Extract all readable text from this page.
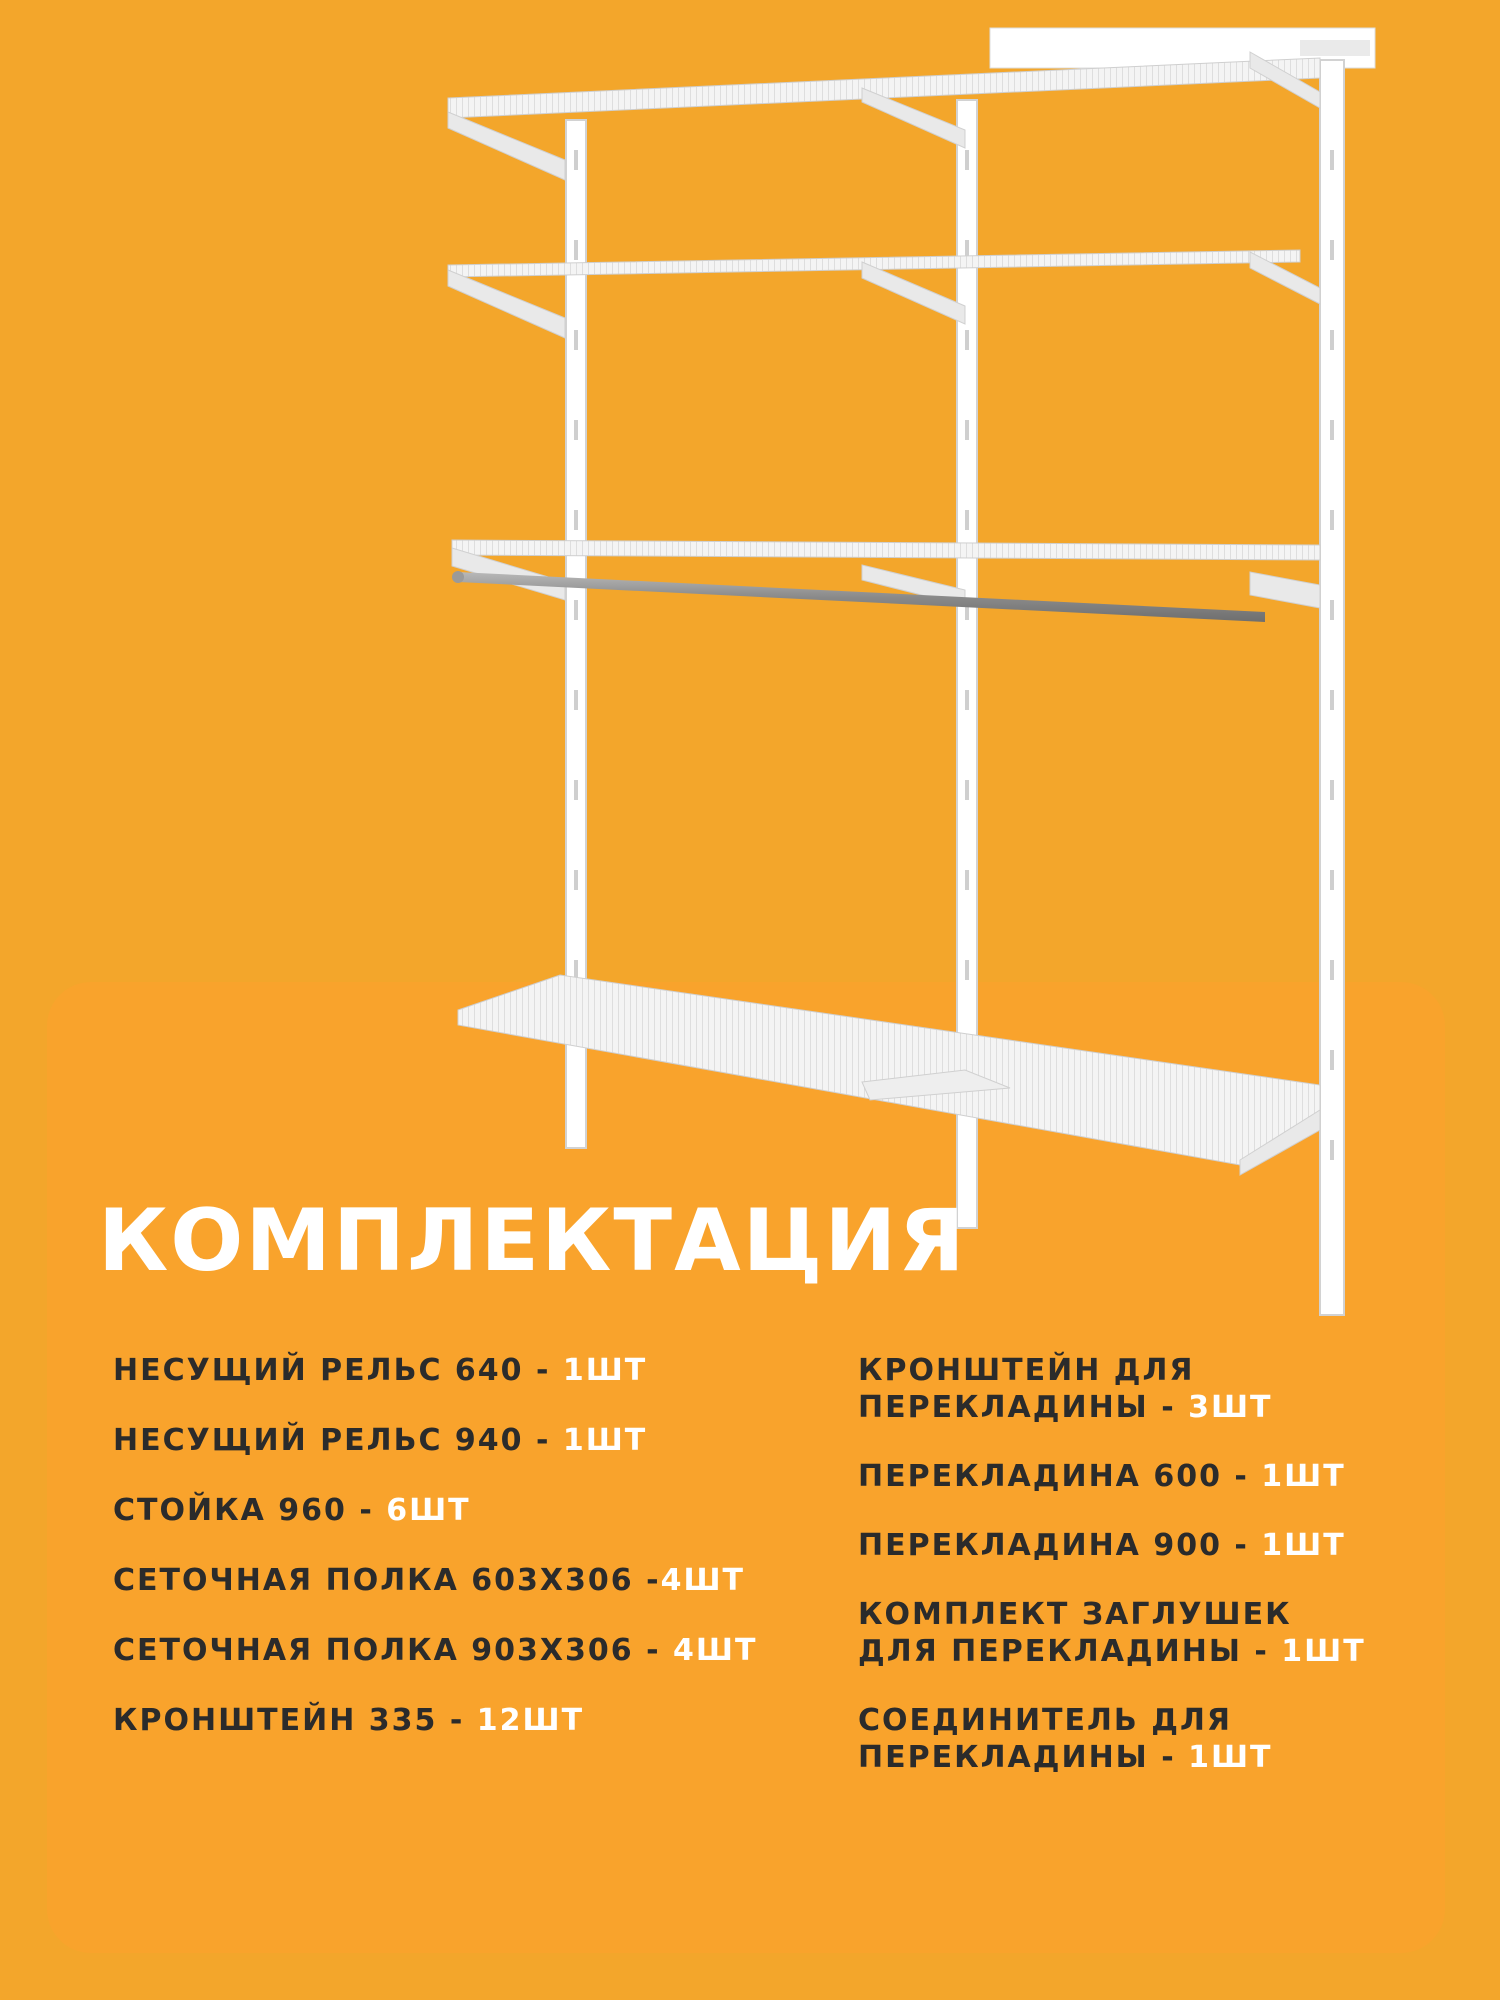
КОМПЛЕКТАЦИЯ
НЕСУЩИЙ РЕЛЬС 640 - 1ШТ
НЕСУЩИЙ РЕЛЬС 940 - 1ШТ
СТОЙКА 960 - 6ШТ
СЕТОЧНАЯ ПОЛКА 603X306 -4ШТ
СЕТОЧНАЯ ПОЛКА 903X306 - 4ШТ
КРОНШТЕЙН 335 - 12ШТ
КРОНШТЕЙН ДЛЯ
ПЕРЕКЛАДИНЫ - 3ШТ
ПЕРЕКЛАДИНА 600 - 1ШТ
ПЕРЕКЛАДИНА 900 - 1ШТ
КОМПЛЕКТ ЗАГЛУШЕК
ДЛЯ ПЕРЕКЛАДИНЫ - 1ШТ
СОЕДИНИТЕЛЬ ДЛЯ
ПЕРЕКЛАДИНЫ - 1ШТ
